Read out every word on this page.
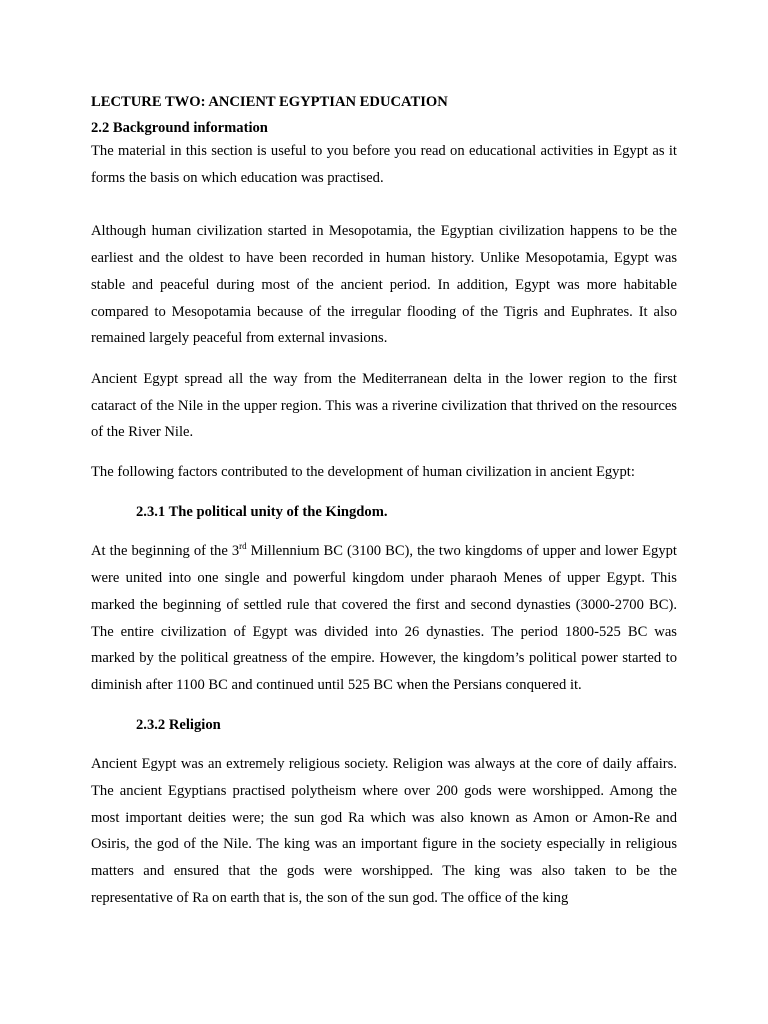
LECTURE TWO: ANCIENT EGYPTIAN EDUCATION
2.2 Background information

The material in this section is useful to you before you read on educational activities in Egypt as it forms the basis on which education was practised.

Although human civilization started in Mesopotamia, the Egyptian civilization happens to be the earliest and the oldest to have been recorded in human history. Unlike Mesopotamia, Egypt was stable and peaceful during most of the ancient period. In addition, Egypt was more habitable compared to Mesopotamia because of the irregular flooding of the Tigris and Euphrates. It also remained largely peaceful from external invasions.

Ancient Egypt spread all the way from the Mediterranean delta in the lower region to the first cataract of the Nile in the upper region. This was a riverine civilization that thrived on the resources of the River Nile.

The following factors contributed to the development of human civilization in ancient Egypt:

2.3.1 The political unity of the Kingdom.

At the beginning of the 3rd Millennium BC (3100 BC), the two kingdoms of upper and lower Egypt were united into one single and powerful kingdom under pharaoh Menes of upper Egypt. This marked the beginning of settled rule that covered the first and second dynasties (3000-2700 BC). The entire civilization of Egypt was divided into 26 dynasties. The period 1800-525 BC was marked by the political greatness of the empire. However, the kingdom’s political power started to diminish after 1100 BC and continued until 525 BC when the Persians conquered it.

2.3.2 Religion

Ancient Egypt was an extremely religious society. Religion was always at the core of daily affairs. The ancient Egyptians practised polytheism where over 200 gods were worshipped. Among the most important deities were; the sun god Ra which was also known as Amon or Amon-Re and Osiris, the god of the Nile. The king was an important figure in the society especially in religious matters and ensured that the gods were worshipped. The king was also taken to be the representative of Ra on earth that is, the son of the sun god. The office of the king
